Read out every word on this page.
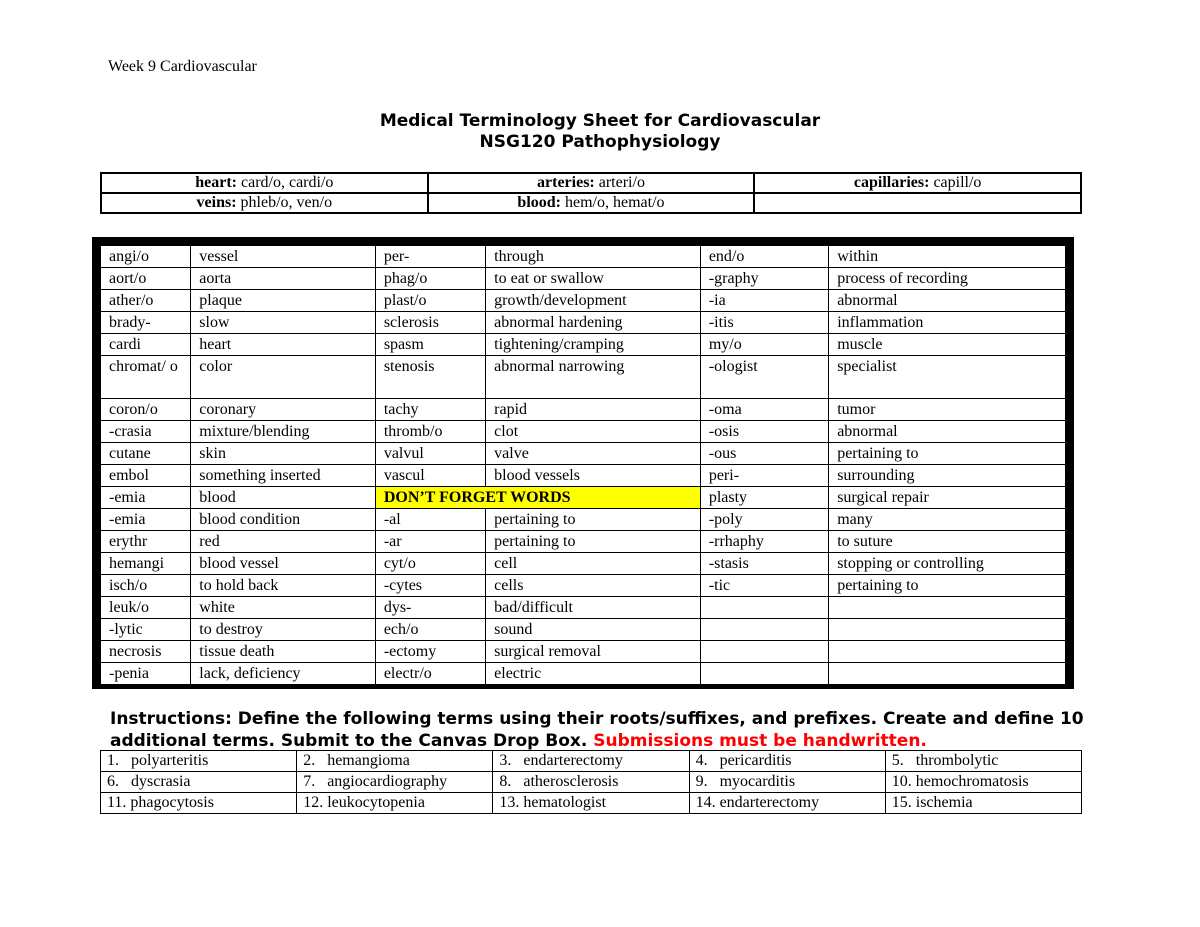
Week 9 Cardiovascular
Medical Terminology Sheet for Cardiovascular
NSG120 Pathophysiology
heart: card/o, cardi/o	arteries: arteri/o	capillaries: capill/o
veins: phleb/o, ven/o	blood: hem/o, hemat/o	
angi/o	vessel	per-	through	end/o	within
aort/o	aorta	phag/o	to eat or swallow	-graphy	process of recording
ather/o	plaque	plast/o	growth/development	-ia	abnormal
brady-	slow	sclerosis	abnormal hardening	-itis	inflammation
cardi	heart	spasm	tightening/cramping	my/o	muscle
chromat/ o	color	stenosis	abnormal narrowing	-ologist	specialist
coron/o	coronary	tachy	rapid	-oma	tumor
-crasia	mixture/blending	thromb/o	clot	-osis	abnormal
cutane	skin	valvul	valve	-ous	pertaining to
embol	something inserted	vascul	blood vessels	peri-	surrounding
-emia	blood	DON’T FORGET WORDS		plasty	surgical repair
-emia	blood condition	-al	pertaining to	-poly	many
erythr	red	-ar	pertaining to	-rrhaphy	to suture
hemangi	blood vessel	cyt/o	cell	-stasis	stopping or controlling
isch/o	to hold back	-cytes	cells	-tic	pertaining to
leuk/o	white	dys-	bad/difficult		
-lytic	to destroy	ech/o	sound		
necrosis	tissue death	-ectomy	surgical removal		
-penia	lack, deficiency	electr/o	electric		
Instructions: Define the following terms using their roots/suffixes, and prefixes. Create and define 10 additional terms. Submit to the Canvas Drop Box. Submissions must be handwritten.
1.   polyarteritis	2.   hemangioma	3.   endarterectomy	4.   pericarditis	5.   thrombolytic
6.   dyscrasia	7.   angiocardiography	8.   atherosclerosis	9.   myocarditis	10. hemochromatosis
11. phagocytosis	12. leukocytopenia	13. hematologist	14. endarterectomy	15. ischemia
